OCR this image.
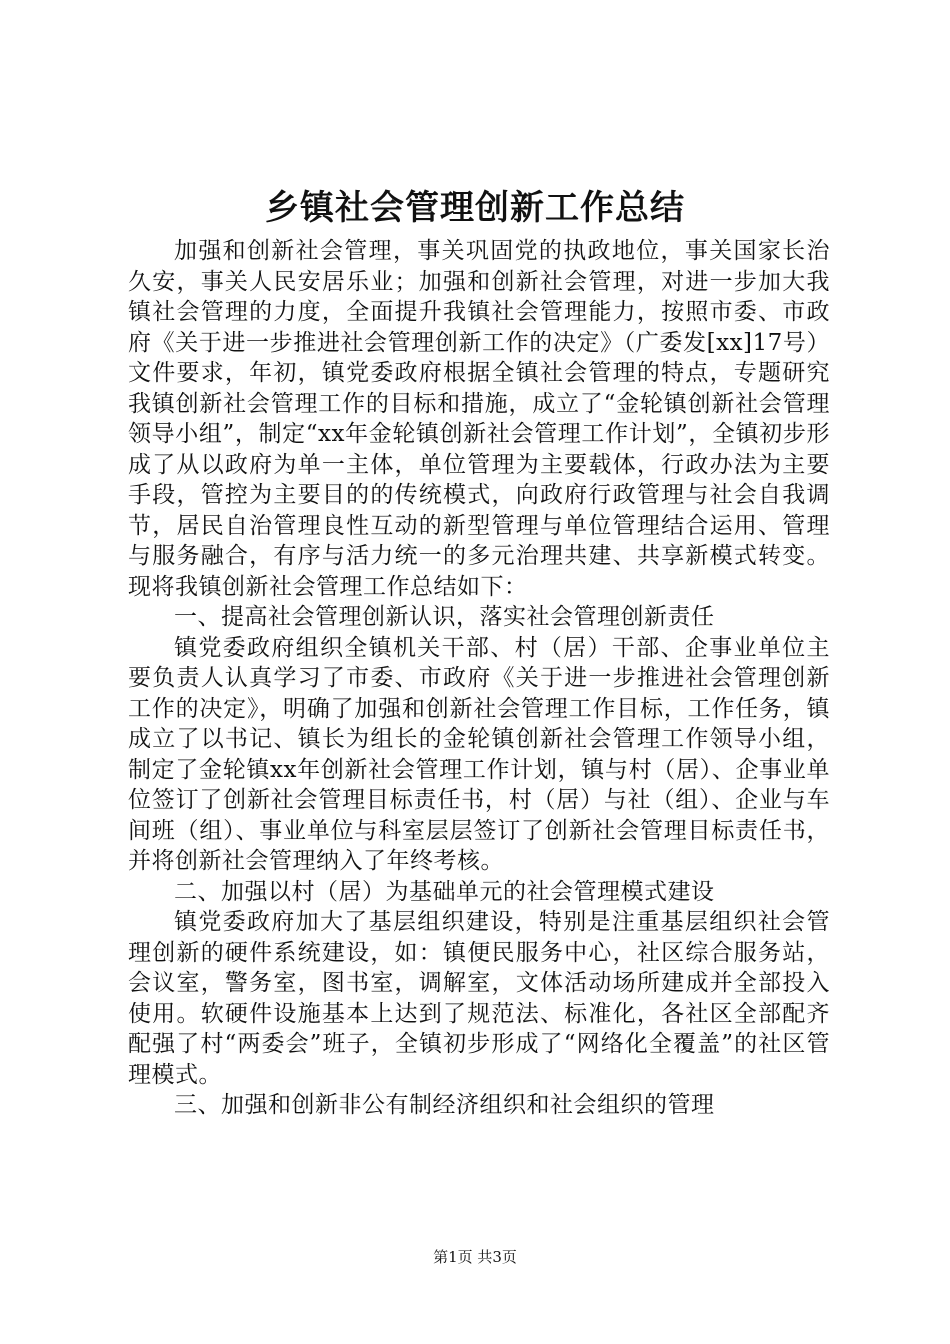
乡镇社会管理创新工作总结

加强和创新社会管理，事关巩固党的执政地位，事关国家长治久安，事关人民安居乐业；加强和创新社会管理，对进一步加大我镇社会管理的力度，全面提升我镇社会管理能力，按照市委、市政府《关于进一步推进社会管理创新工作的决定》（广委发[xx]17号）文件要求，年初，镇党委政府根据全镇社会管理的特点，专题研究我镇创新社会管理工作的目标和措施，成立了“金轮镇创新社会管理领导小组”，制定“xx年金轮镇创新社会管理工作计划”，全镇初步形成了从以政府为单一主体，单位管理为主要载体，行政办法为主要手段，管控为主要目的的传统模式，向政府行政管理与社会自我调节，居民自治管理良性互动的新型管理与单位管理结合运用、管理与服务融合，有序与活力统一的多元治理共建、共享新模式转变。现将我镇创新社会管理工作总结如下：

一、提高社会管理创新认识，落实社会管理创新责任

镇党委政府组织全镇机关干部、村（居）干部、企事业单位主要负责人认真学习了市委、市政府《关于进一步推进社会管理创新工作的决定》，明确了加强和创新社会管理工作目标，工作任务，镇成立了以书记、镇长为组长的金轮镇创新社会管理工作领导小组，制定了金轮镇xx年创新社会管理工作计划，镇与村（居）、企事业单位签订了创新社会管理目标责任书，村（居）与社（组）、企业与车间班（组）、事业单位与科室层层签订了创新社会管理目标责任书，并将创新社会管理纳入了年终考核。

二、加强以村（居）为基础单元的社会管理模式建设

镇党委政府加大了基层组织建设，特别是注重基层组织社会管理创新的硬件系统建设，如：镇便民服务中心，社区综合服务站，会议室，警务室，图书室，调解室，文体活动场所建成并全部投入使用。软硬件设施基本上达到了规范法、标准化，各社区全部配齐配强了村“两委会”班子，全镇初步形成了“网络化全覆盖”的社区管理模式。

三、加强和创新非公有制经济组织和社会组织的管理

第1页 共3页
